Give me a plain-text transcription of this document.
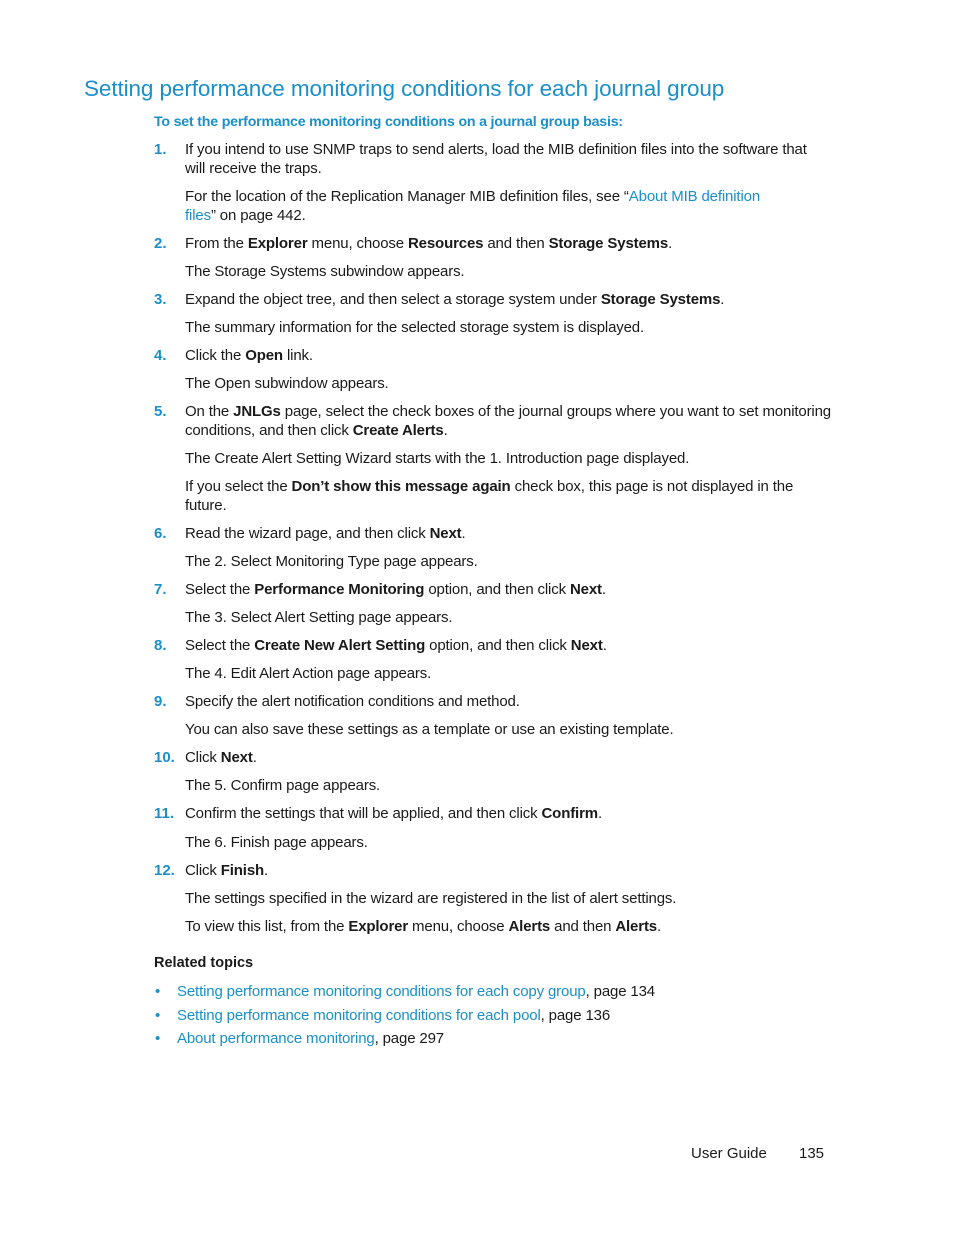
Setting performance monitoring conditions for each journal group
To set the performance monitoring conditions on a journal group basis:
1. If you intend to use SNMP traps to send alerts, load the MIB definition files into the software that
will receive the traps.
For the location of the Replication Manager MIB definition files, see “About MIB definition
files” on page 442.
2. From the Explorer menu, choose Resources and then Storage Systems.
The Storage Systems subwindow appears.
3. Expand the object tree, and then select a storage system under Storage Systems.
The summary information for the selected storage system is displayed.
4. Click the Open link.
The Open subwindow appears.
5. On the JNLGs page, select the check boxes of the journal groups where you want to set monitoring
conditions, and then click Create Alerts.
The Create Alert Setting Wizard starts with the 1. Introduction page displayed.
If you select the Don’t show this message again check box, this page is not displayed in the
future.
6. Read the wizard page, and then click Next.
The 2. Select Monitoring Type page appears.
7. Select the Performance Monitoring option, and then click Next.
The 3. Select Alert Setting page appears.
8. Select the Create New Alert Setting option, and then click Next.
The 4. Edit Alert Action page appears.
9. Specify the alert notification conditions and method.
You can also save these settings as a template or use an existing template.
10. Click Next.
The 5. Confirm page appears.
11. Confirm the settings that will be applied, and then click Confirm.
The 6. Finish page appears.
12. Click Finish.
The settings specified in the wizard are registered in the list of alert settings.
To view this list, from the Explorer menu, choose Alerts and then Alerts.
Related topics
• Setting performance monitoring conditions for each copy group, page 134
• Setting performance monitoring conditions for each pool, page 136
• About performance monitoring, page 297
User Guide 135
